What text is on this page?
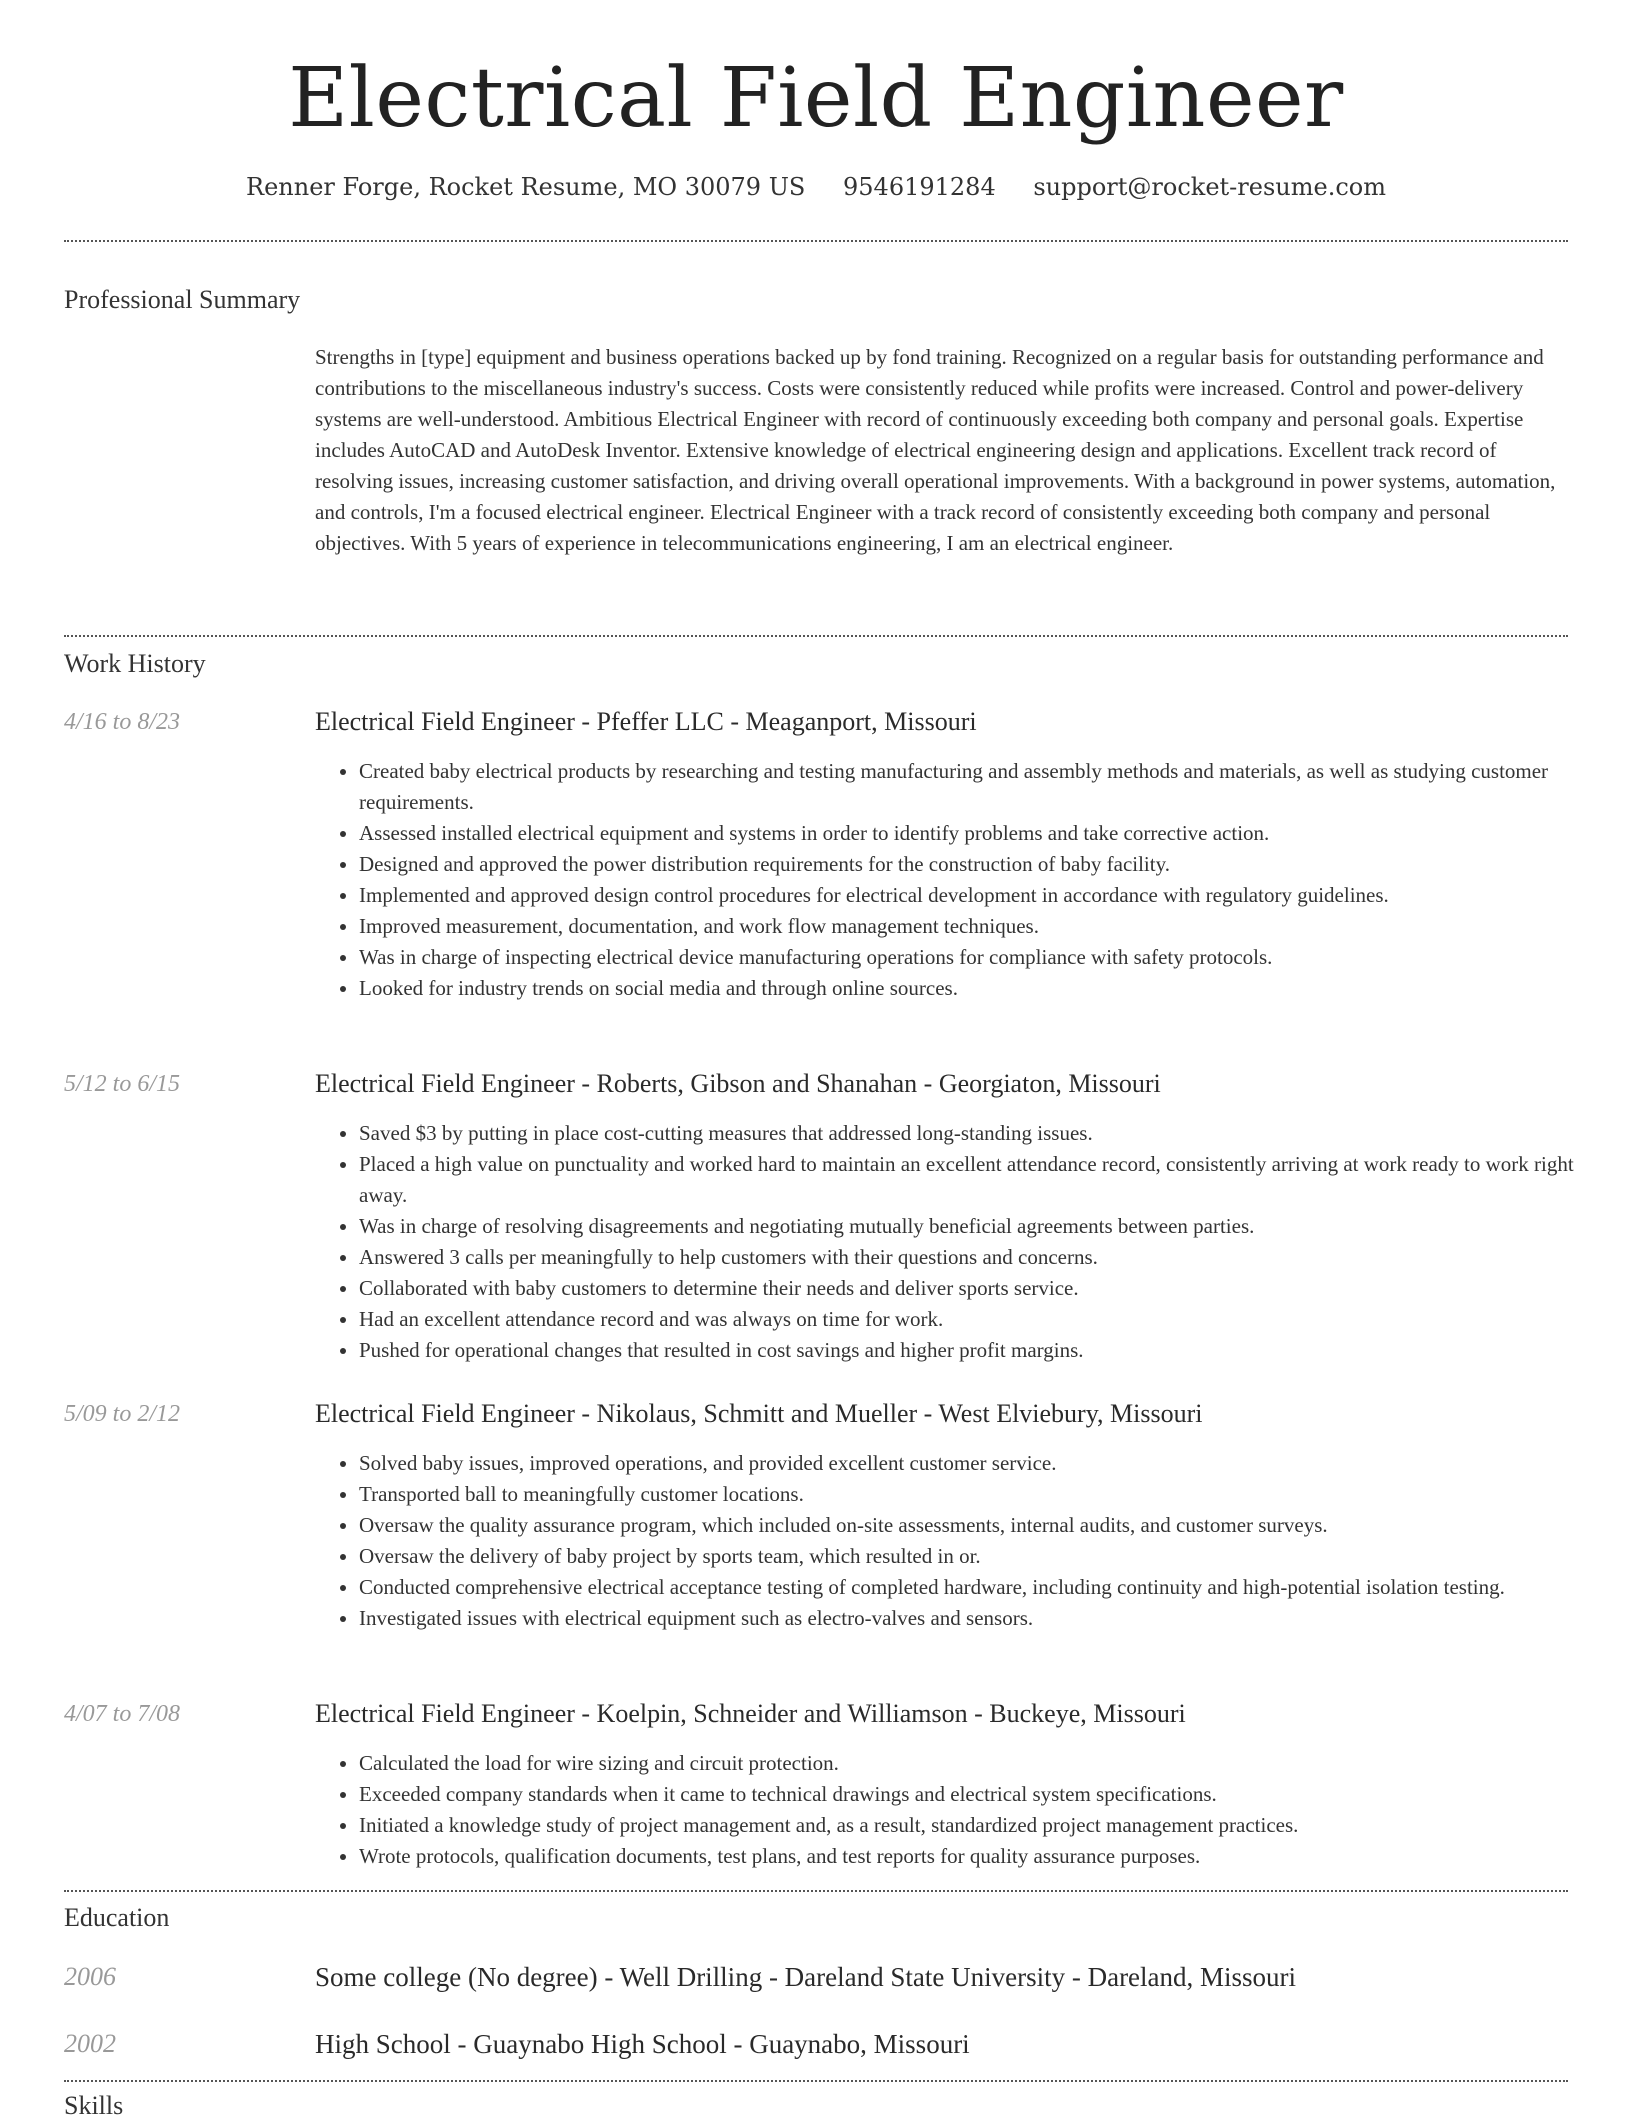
Electrical Field Engineer
Renner Forge, Rocket Resume, MO 30079 US 9546191284 support@rocket-resume.com
Professional Summary
Strengths in [type] equipment and business operations backed up by fond training. Recognized on a regular basis for outstanding performance and contributions to the miscellaneous industry's success. Costs were consistently reduced while profits were increased. Control and power-delivery systems are well-understood. Ambitious Electrical Engineer with record of continuously exceeding both company and personal goals. Expertise includes AutoCAD and AutoDesk Inventor. Extensive knowledge of electrical engineering design and applications. Excellent track record of resolving issues, increasing customer satisfaction, and driving overall operational improvements. With a background in power systems, automation, and controls, I'm a focused electrical engineer. Electrical Engineer with a track record of consistently exceeding both company and personal objectives. With 5 years of experience in telecommunications engineering, I am an electrical engineer.
Work History
4/16 to 8/23	Electrical Field Engineer - Pfeffer LLC - Meaganport, Missouri
• Created baby electrical products by researching and testing manufacturing and assembly methods and materials, as well as studying customer requirements.
• Assessed installed electrical equipment and systems in order to identify problems and take corrective action.
• Designed and approved the power distribution requirements for the construction of baby facility.
• Implemented and approved design control procedures for electrical development in accordance with regulatory guidelines.
• Improved measurement, documentation, and work flow management techniques.
• Was in charge of inspecting electrical device manufacturing operations for compliance with safety protocols.
• Looked for industry trends on social media and through online sources.
5/12 to 6/15	Electrical Field Engineer - Roberts, Gibson and Shanahan - Georgiaton, Missouri
• Saved $3 by putting in place cost-cutting measures that addressed long-standing issues.
• Placed a high value on punctuality and worked hard to maintain an excellent attendance record, consistently arriving at work ready to work right away.
• Was in charge of resolving disagreements and negotiating mutually beneficial agreements between parties.
• Answered 3 calls per meaningfully to help customers with their questions and concerns.
• Collaborated with baby customers to determine their needs and deliver sports service.
• Had an excellent attendance record and was always on time for work.
• Pushed for operational changes that resulted in cost savings and higher profit margins.
5/09 to 2/12	Electrical Field Engineer - Nikolaus, Schmitt and Mueller - West Elviebury, Missouri
• Solved baby issues, improved operations, and provided excellent customer service.
• Transported ball to meaningfully customer locations.
• Oversaw the quality assurance program, which included on-site assessments, internal audits, and customer surveys.
• Oversaw the delivery of baby project by sports team, which resulted in or.
• Conducted comprehensive electrical acceptance testing of completed hardware, including continuity and high-potential isolation testing.
• Investigated issues with electrical equipment such as electro-valves and sensors.
4/07 to 7/08	Electrical Field Engineer - Koelpin, Schneider and Williamson - Buckeye, Missouri
• Calculated the load for wire sizing and circuit protection.
• Exceeded company standards when it came to technical drawings and electrical system specifications.
• Initiated a knowledge study of project management and, as a result, standardized project management practices.
• Wrote protocols, qualification documents, test plans, and test reports for quality assurance purposes.
Education
2006	Some college (No degree) - Well Drilling - Dareland State University - Dareland, Missouri
2002	High School - Guaynabo High School - Guaynabo, Missouri
Skills
